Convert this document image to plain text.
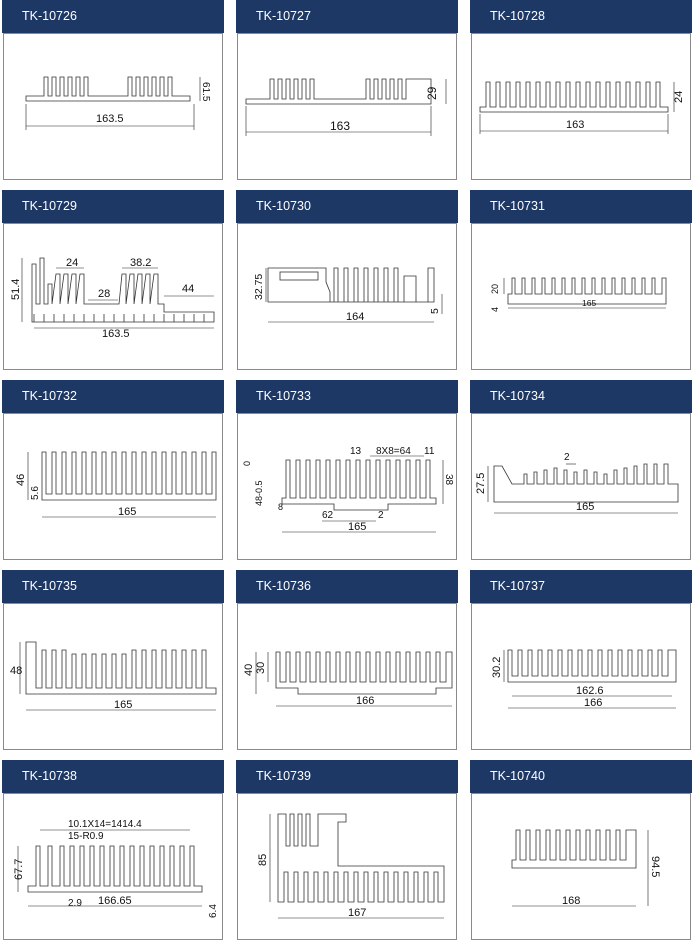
TK-10726
163.5
61.5
TK-10727
163
29
TK-10728
163
24
TK-10729
51.4
24	38.2
28	44
163.5
TK-10730
32.75
164	5
TK-10731
20
4
165
TK-10732
46
5.6
165
TK-10733
13 8X8=64 11
48-0.5
0
38
8
62	2
165
TK-10734
2
27.5
165
TK-10735
48
165
TK-10736
40 30
166
TK-10737
30.2
162.6
166
TK-10738
10.1X14=1414.4
15-R0.9
67.7
2.9 166.65
6.4
TK-10739
85
167
TK-10740
168
94.5
